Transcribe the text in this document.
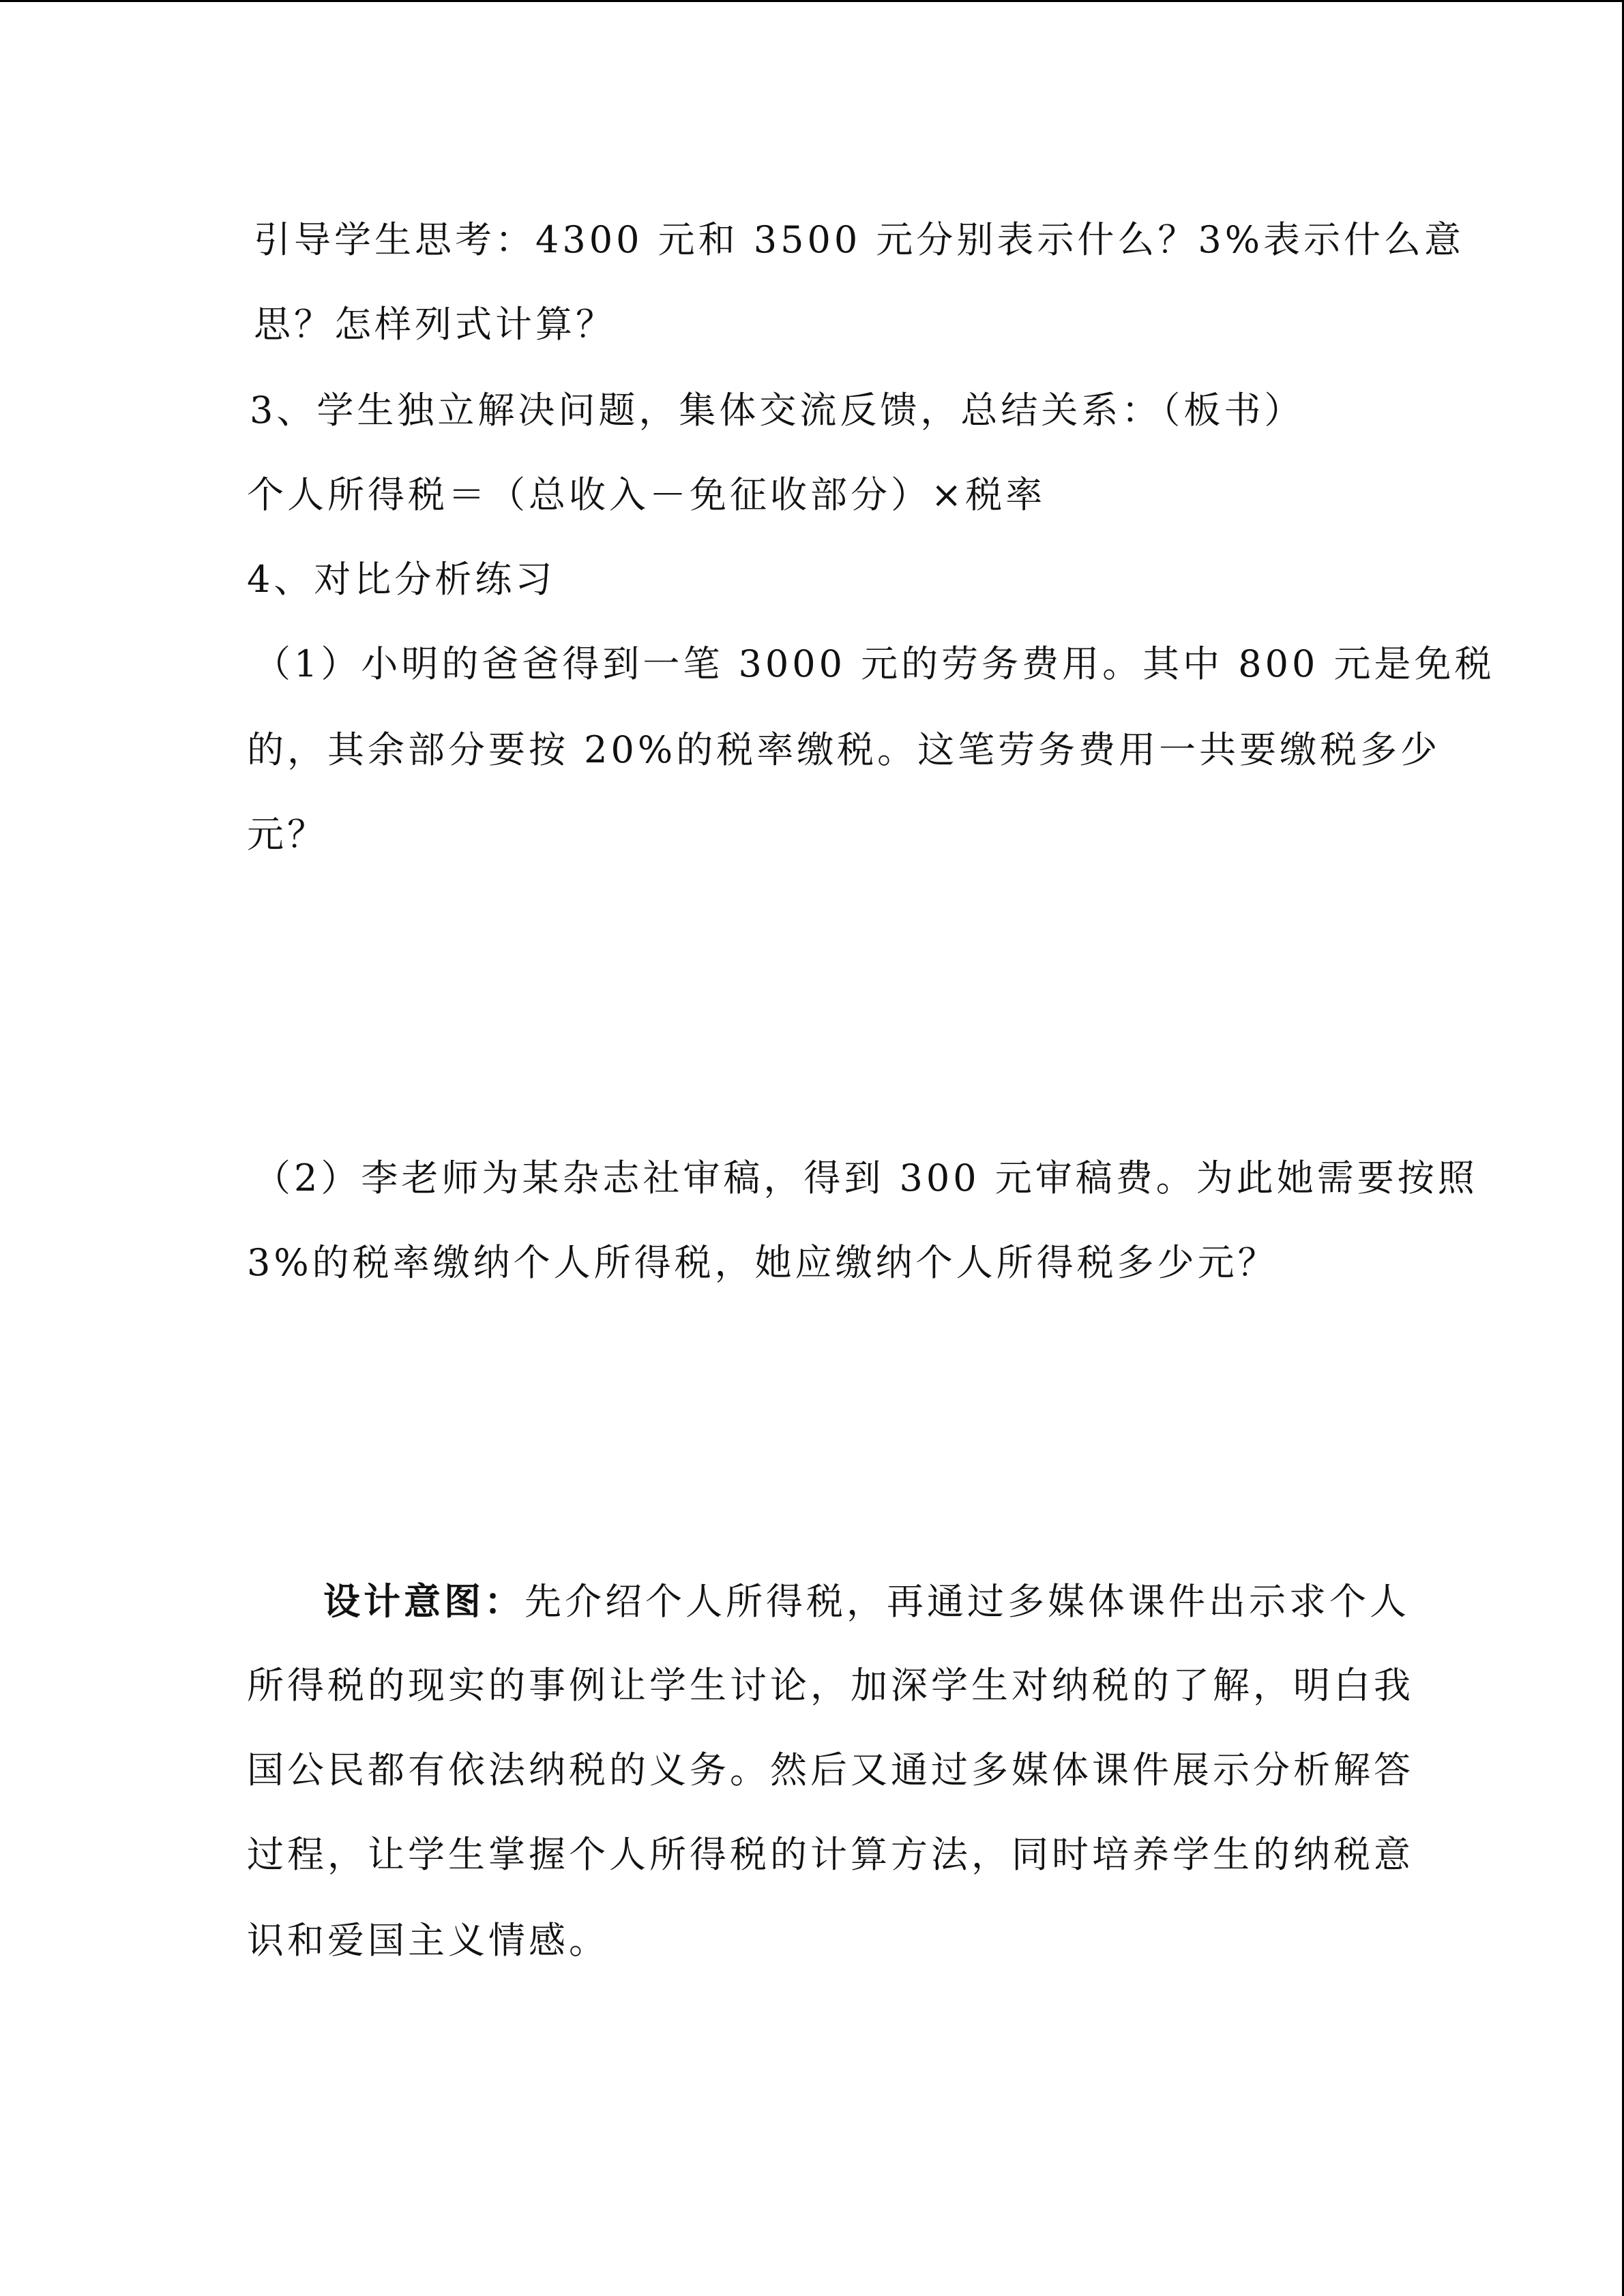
引导学生思考：4300 元和 3500 元分别表示什么？3%表示什么意
思？怎样列式计算？
3、学生独立解决问题，集体交流反馈，总结关系：（板书）
个人所得税＝（总收入－免征收部分）×税率
4、对比分析练习
（1）小明的爸爸得到一笔 3000 元的劳务费用。其中 800 元是免税
的，其余部分要按 20%的税率缴税。这笔劳务费用一共要缴税多少
元？
（2）李老师为某杂志社审稿，得到 300 元审稿费。为此她需要按照
3%的税率缴纳个人所得税，她应缴纳个人所得税多少元？
设计意图：先介绍个人所得税，再通过多媒体课件出示求个人
所得税的现实的事例让学生讨论，加深学生对纳税的了解，明白我
国公民都有依法纳税的义务。然后又通过多媒体课件展示分析解答
过程，让学生掌握个人所得税的计算方法，同时培养学生的纳税意
识和爱国主义情感。
